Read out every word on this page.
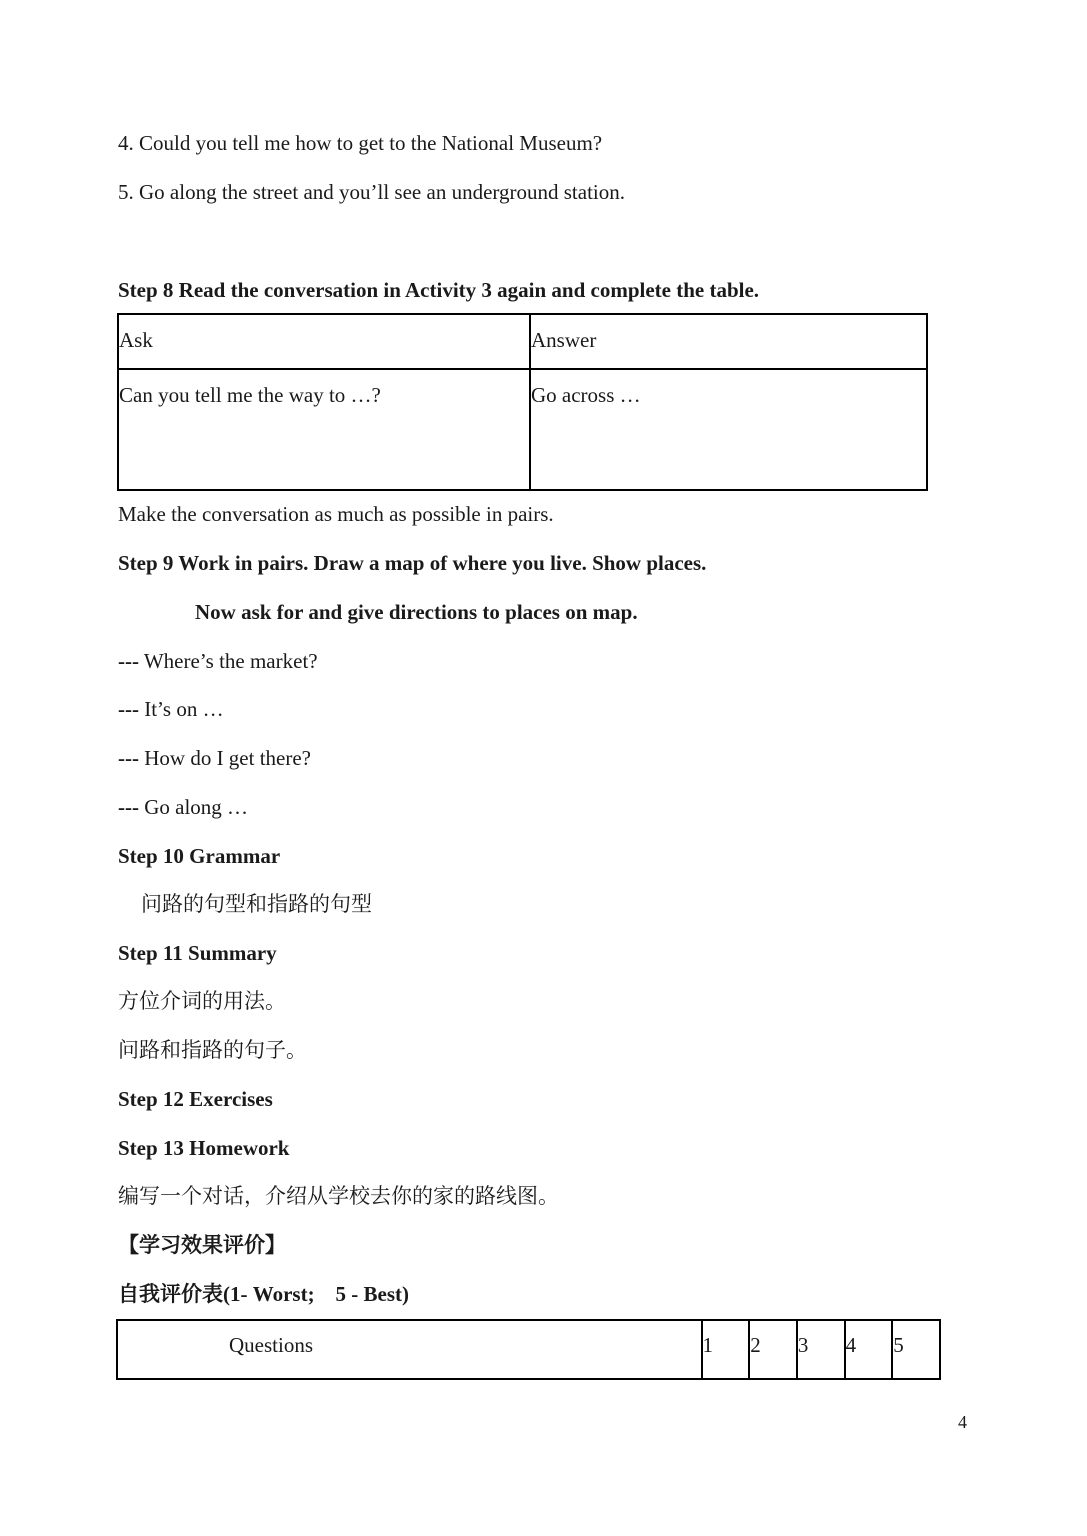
4. Could you tell me how to get to the National Museum?
5. Go along the street and you’ll see an underground station.
Step 8 Read the conversation in Activity 3 again and complete the table.
Ask	Answer
Can you tell me the way to …?	Go across …
Make the conversation as much as possible in pairs.
Step 9 Work in pairs. Draw a map of where you live. Show places.
Now ask for and give directions to places on map.
--- Where’s the market?
--- It’s on …
--- How do I get there?
--- Go along …
Step 10 Grammar
问路的句型和指路的句型
Step 11 Summary
方位介词的用法。
问路和指路的句子。
Step 12 Exercises
Step 13 Homework
编写一个对话，介绍从学校去你的家的路线图。
【学习效果评价】
自我评价表(1- Worst;    5 - Best)
Questions	1	2	3	4	5
4
